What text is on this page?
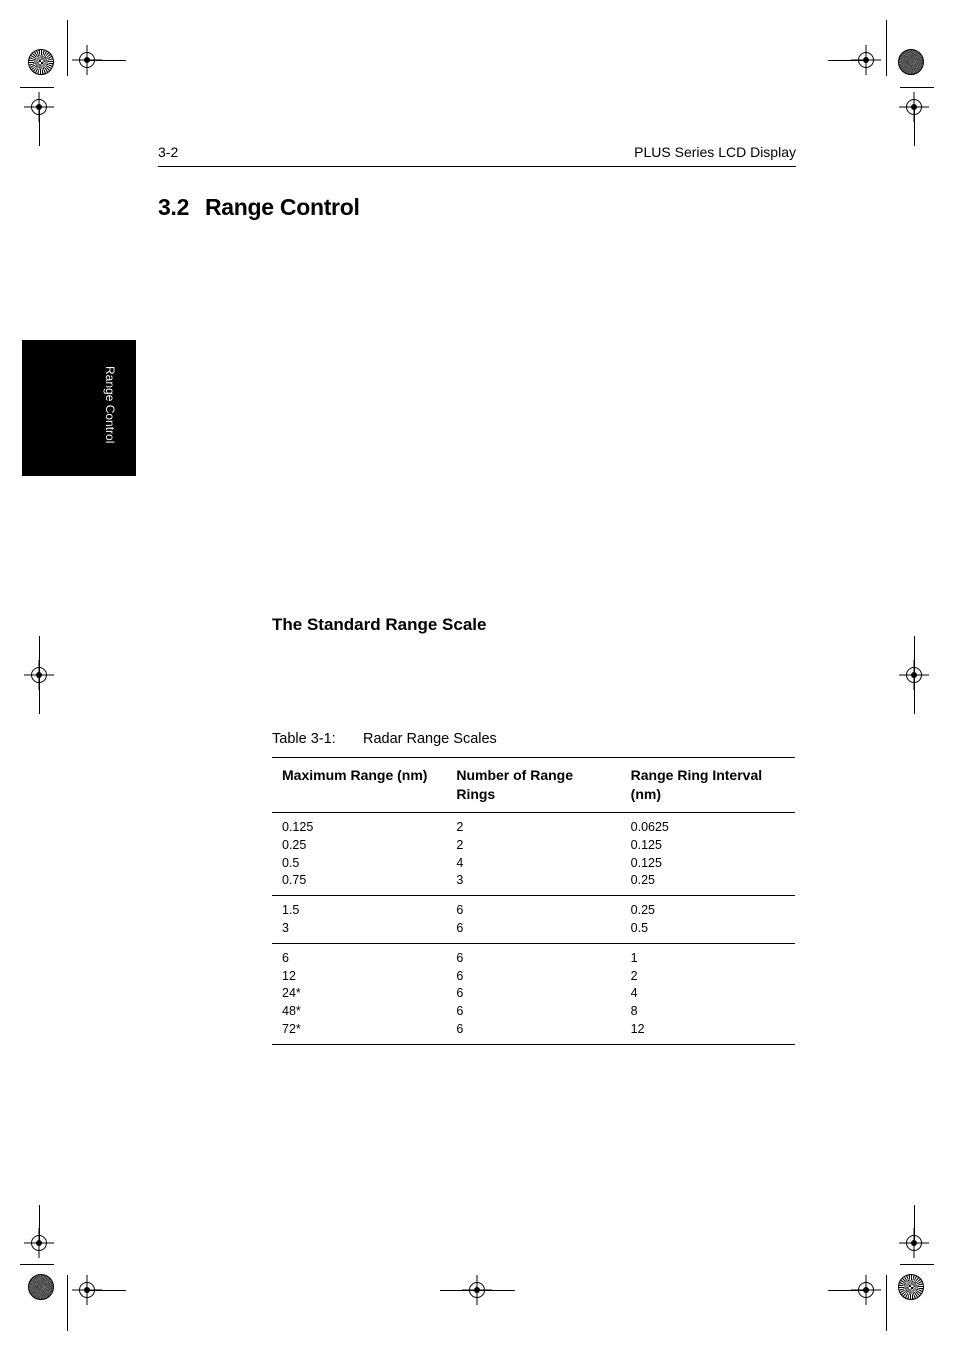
3-2	PLUS Series LCD Display
3.2 Range Control
Range Control
The Standard Range Scale
Table 3-1: Radar Range Scales
Maximum Range (nm)	Number of Range Rings	Range Ring Interval (nm)
0.125	2	0.0625
0.25	2	0.125
0.5	4	0.125
0.75	3	0.25
1.5	6	0.25
3	6	0.5
6	6	1
12	6	2
24*	6	4
48*	6	8
72*	6	12
